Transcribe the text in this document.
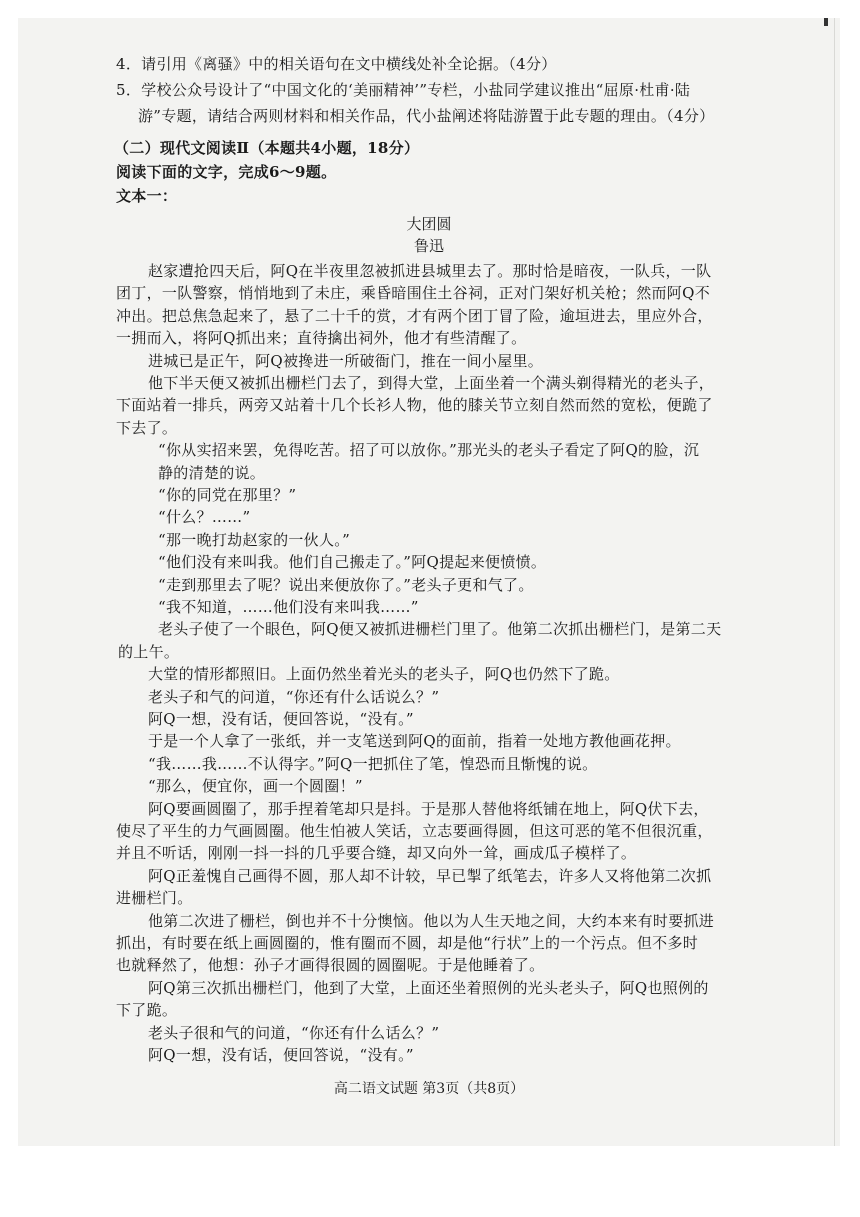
4．请引用《离骚》中的相关语句在文中横线处补全论据。（4分）
5．学校公众号设计了“中国文化的‘美丽精神’”专栏，小盐同学建议推出“屈原·杜甫·陆
游”专题，请结合两则材料和相关作品，代小盐阐述将陆游置于此专题的理由。（4分）
（二）现代文阅读Ⅱ（本题共4小题，18分）
阅读下面的文字，完成6～9题。
文本一：
大团圆
鲁迅
赵家遭抢四天后，阿Q在半夜里忽被抓进县城里去了。那时恰是暗夜，一队兵，一队
团丁，一队警察，悄悄地到了未庄，乘昏暗围住土谷祠，正对门架好机关枪；然而阿Q不
冲出。把总焦急起来了，悬了二十千的赏，才有两个团丁冒了险，逾垣进去，里应外合，
一拥而入，将阿Q抓出来；直待擒出祠外，他才有些清醒了。
进城已是正午，阿Q被搀进一所破衙门，推在一间小屋里。
他下半天便又被抓出栅栏门去了，到得大堂，上面坐着一个满头剃得精光的老头子，
下面站着一排兵，两旁又站着十几个长衫人物，他的膝关节立刻自然而然的宽松，便跪了
下去了。
“你从实招来罢，免得吃苦。招了可以放你。”那光头的老头子看定了阿Q的脸，沉
静的清楚的说。
“你的同党在那里？”
“什么？……”
“那一晚打劫赵家的一伙人。”
“他们没有来叫我。他们自己搬走了。”阿Q提起来便愤愤。
“走到那里去了呢？说出来便放你了。”老头子更和气了。
“我不知道，……他们没有来叫我……”
老头子使了一个眼色，阿Q便又被抓进栅栏门里了。他第二次抓出栅栏门，是第二天
的上午。
大堂的情形都照旧。上面仍然坐着光头的老头子，阿Q也仍然下了跪。
老头子和气的问道，“你还有什么话说么？”
阿Q一想，没有话，便回答说，“没有。”
于是一个人拿了一张纸，并一支笔送到阿Q的面前，指着一处地方教他画花押。
“我……我……不认得字。”阿Q一把抓住了笔，惶恐而且惭愧的说。
“那么，便宜你，画一个圆圈！”
阿Q要画圆圈了，那手捏着笔却只是抖。于是那人替他将纸铺在地上，阿Q伏下去，
使尽了平生的力气画圆圈。他生怕被人笑话，立志要画得圆，但这可恶的笔不但很沉重，
并且不听话，刚刚一抖一抖的几乎要合缝，却又向外一耸，画成瓜子模样了。
阿Q正羞愧自己画得不圆，那人却不计较，早已掣了纸笔去，许多人又将他第二次抓
进栅栏门。
他第二次进了栅栏，倒也并不十分懊恼。他以为人生天地之间，大约本来有时要抓进
抓出，有时要在纸上画圆圈的，惟有圈而不圆，却是他“行状”上的一个污点。但不多时
也就释然了，他想：孙子才画得很圆的圆圈呢。于是他睡着了。
阿Q第三次抓出栅栏门，他到了大堂，上面还坐着照例的光头老头子，阿Q也照例的
下了跪。
老头子很和气的问道，“你还有什么话么？”
阿Q一想，没有话，便回答说，“没有。”
高二语文试题 第3页（共8页）
